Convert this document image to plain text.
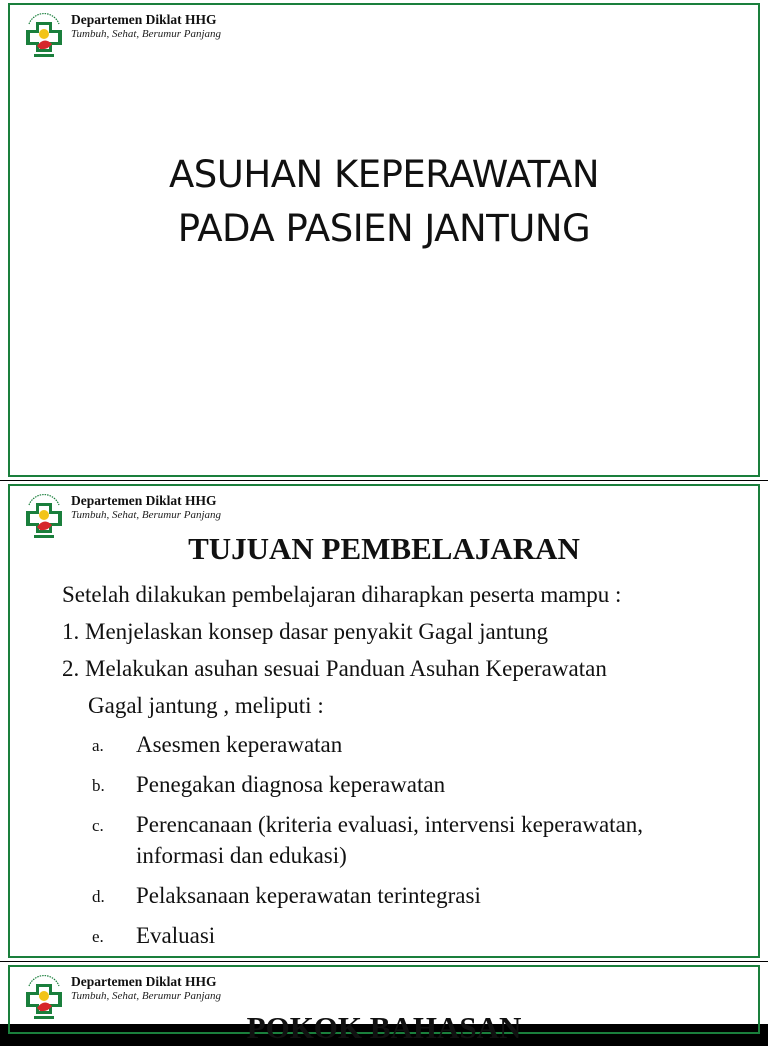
Departemen Diklat HHG
Tumbuh, Sehat, Berumur Panjang
ASUHAN KEPERAWATAN
PADA PASIEN JANTUNG
Departemen Diklat HHG
Tumbuh, Sehat, Berumur Panjang
TUJUAN PEMBELAJARAN
Setelah dilakukan pembelajaran diharapkan peserta mampu :
1. Menjelaskan konsep dasar penyakit Gagal jantung
2. Melakukan asuhan sesuai Panduan Asuhan Keperawatan
Gagal jantung , meliputi :
a. Asesmen keperawatan
b. Penegakan diagnosa keperawatan
c. Perencanaan (kriteria evaluasi, intervensi keperawatan,
informasi dan edukasi)
d. Pelaksanaan keperawatan terintegrasi
e. Evaluasi
Departemen Diklat HHG
Tumbuh, Sehat, Berumur Panjang
POKOK BAHASAN
